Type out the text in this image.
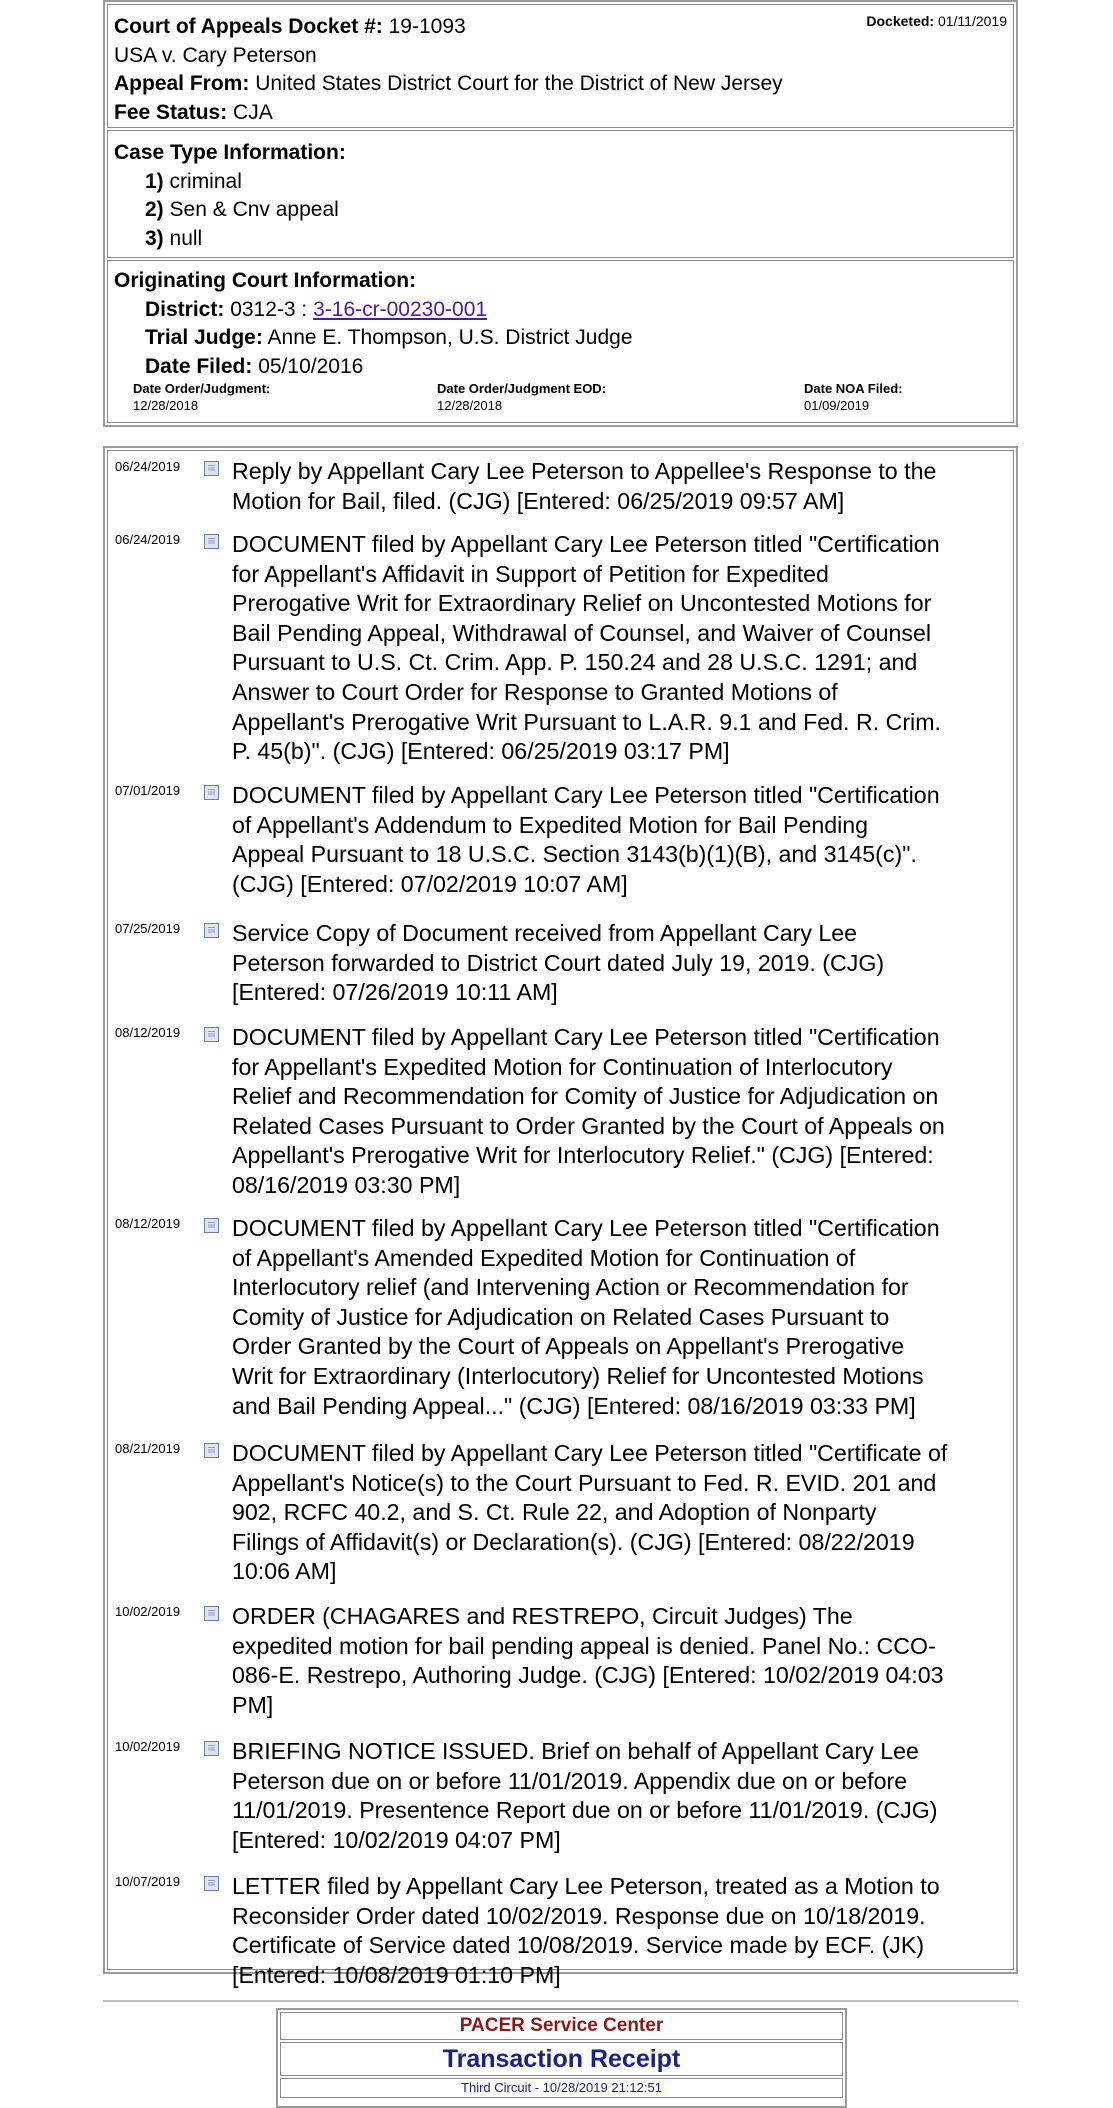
Docketed: 01/11/2019
Court of Appeals Docket #: 19-1093
USA v. Cary Peterson
Appeal From: United States District Court for the District of New Jersey
Fee Status: CJA
Case Type Information:
1) criminal
2) Sen & Cnv appeal
3) null
Originating Court Information:
District: 0312-3 : 3-16-cr-00230-001
Trial Judge: Anne E. Thompson, U.S. District Judge
Date Filed: 05/10/2016
Date Order/Judgment:
12/28/2018
Date Order/Judgment EOD:
12/28/2018
Date NOA Filed:
01/09/2019
06/24/2019 Reply by Appellant Cary Lee Peterson to Appellee's Response to the
Motion for Bail, filed. (CJG) [Entered: 06/25/2019 09:57 AM]
06/24/2019 DOCUMENT filed by Appellant Cary Lee Peterson titled "Certification
for Appellant's Affidavit in Support of Petition for Expedited
Prerogative Writ for Extraordinary Relief on Uncontested Motions for
Bail Pending Appeal, Withdrawal of Counsel, and Waiver of Counsel
Pursuant to U.S. Ct. Crim. App. P. 150.24 and 28 U.S.C. 1291; and
Answer to Court Order for Response to Granted Motions of
Appellant's Prerogative Writ Pursuant to L.A.R. 9.1 and Fed. R. Crim.
P. 45(b)". (CJG) [Entered: 06/25/2019 03:17 PM]
07/01/2019 DOCUMENT filed by Appellant Cary Lee Peterson titled "Certification
of Appellant's Addendum to Expedited Motion for Bail Pending
Appeal Pursuant to 18 U.S.C. Section 3143(b)(1)(B), and 3145(c)".
(CJG) [Entered: 07/02/2019 10:07 AM]
07/25/2019 Service Copy of Document received from Appellant Cary Lee
Peterson forwarded to District Court dated July 19, 2019. (CJG)
[Entered: 07/26/2019 10:11 AM]
08/12/2019 DOCUMENT filed by Appellant Cary Lee Peterson titled "Certification
for Appellant's Expedited Motion for Continuation of Interlocutory
Relief and Recommendation for Comity of Justice for Adjudication on
Related Cases Pursuant to Order Granted by the Court of Appeals on
Appellant's Prerogative Writ for Interlocutory Relief." (CJG) [Entered:
08/16/2019 03:30 PM]
08/12/2019 DOCUMENT filed by Appellant Cary Lee Peterson titled "Certification
of Appellant's Amended Expedited Motion for Continuation of
Interlocutory relief (and Intervening Action or Recommendation for
Comity of Justice for Adjudication on Related Cases Pursuant to
Order Granted by the Court of Appeals on Appellant's Prerogative
Writ for Extraordinary (Interlocutory) Relief for Uncontested Motions
and Bail Pending Appeal..." (CJG) [Entered: 08/16/2019 03:33 PM]
08/21/2019 DOCUMENT filed by Appellant Cary Lee Peterson titled "Certificate of
Appellant's Notice(s) to the Court Pursuant to Fed. R. EVID. 201 and
902, RCFC 40.2, and S. Ct. Rule 22, and Adoption of Nonparty
Filings of Affidavit(s) or Declaration(s). (CJG) [Entered: 08/22/2019
10:06 AM]
10/02/2019 ORDER (CHAGARES and RESTREPO, Circuit Judges) The
expedited motion for bail pending appeal is denied. Panel No.: CCO-
086-E. Restrepo, Authoring Judge. (CJG) [Entered: 10/02/2019 04:03
PM]
10/02/2019 BRIEFING NOTICE ISSUED. Brief on behalf of Appellant Cary Lee
Peterson due on or before 11/01/2019. Appendix due on or before
11/01/2019. Presentence Report due on or before 11/01/2019. (CJG)
[Entered: 10/02/2019 04:07 PM]
10/07/2019 LETTER filed by Appellant Cary Lee Peterson, treated as a Motion to
Reconsider Order dated 10/02/2019. Response due on 10/18/2019.
Certificate of Service dated 10/08/2019. Service made by ECF. (JK)
[Entered: 10/08/2019 01:10 PM]
PACER Service Center
Transaction Receipt
Third Circuit - 10/28/2019 21:12:51
